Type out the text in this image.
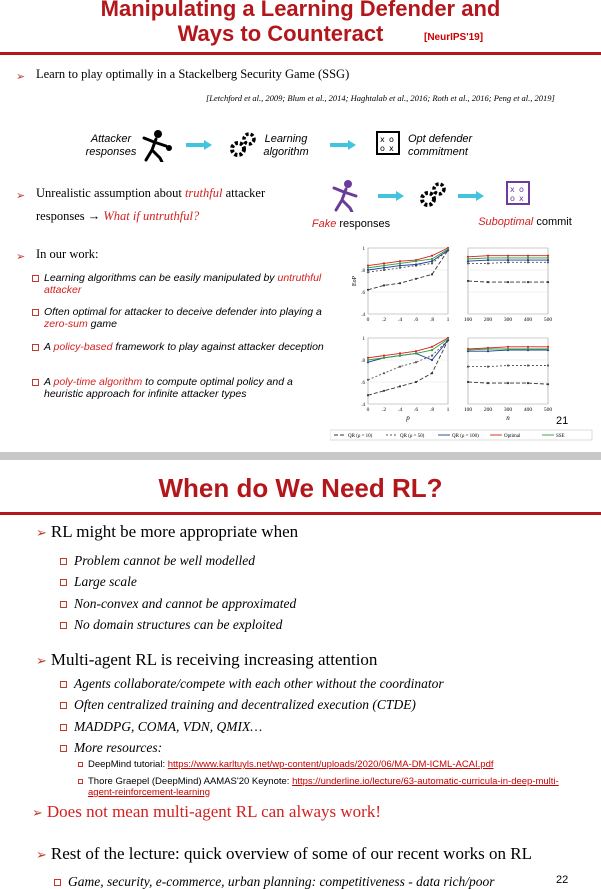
Manipulating a Learning Defender and
Ways to Counteract	[NeurIPS'19]
➢ Learn to play optimally in a Stackelberg Security Game (SSG)
[Letchford et al., 2009; Blum et al., 2014; Haghtalab et al., 2016; Roth et al., 2016; Peng et al., 2019]
Attacker
responses
Learning
algorithm
x o
o x
Opt defender
commitment
➢ Unrealistic assumption about truthful attacker
responses → What if untruthful?
x o
o x
Fake responses	Suboptimal commit
➢ In our work:
Learning algorithms can be easily manipulated by untruthful attacker
Often optimal for attacker to deceive defender into playing a zero-sum game
A policy-based framework to play against attacker deception
A poly-time algorithm to compute optimal policy and a heuristic approach for infinite attacker types
0 .2 .4 .6 .8 1
.4
.6
.8
1
EoP
100 200 300 400 500
0 .2 .4 .6 .8 1
.4
.6
.8
1
p
100 200 300 400 500
n
QR (ρ = 10)	QR (ρ = 50)	QR (ρ = 100)	Optimal	SSE
21
When do We Need RL?
➢ RL might be more appropriate when
Problem cannot be well modelled
Large scale
Non-convex and cannot be approximated
No domain structures can be exploited
➢ Multi-agent RL is receiving increasing attention
Agents collaborate/compete with each other without the coordinator
Often centralized training and decentralized execution (CTDE)
MADDPG, COMA, VDN, QMIX…
More resources:
DeepMind tutorial: https://www.karltuyls.net/wp-content/uploads/2020/06/MA-DM-ICML-ACAI.pdf
Thore Graepel (DeepMind) AAMAS'20 Keynote: https://underline.io/lecture/63-automatic-curricula-in-deep-multi-agent-reinforcement-learning
➢ Does not mean multi-agent RL can always work!
➢ Rest of the lecture: quick overview of some of our recent works on RL
Game, security, e-commerce, urban planning: competitiveness - data rich/poor	22
